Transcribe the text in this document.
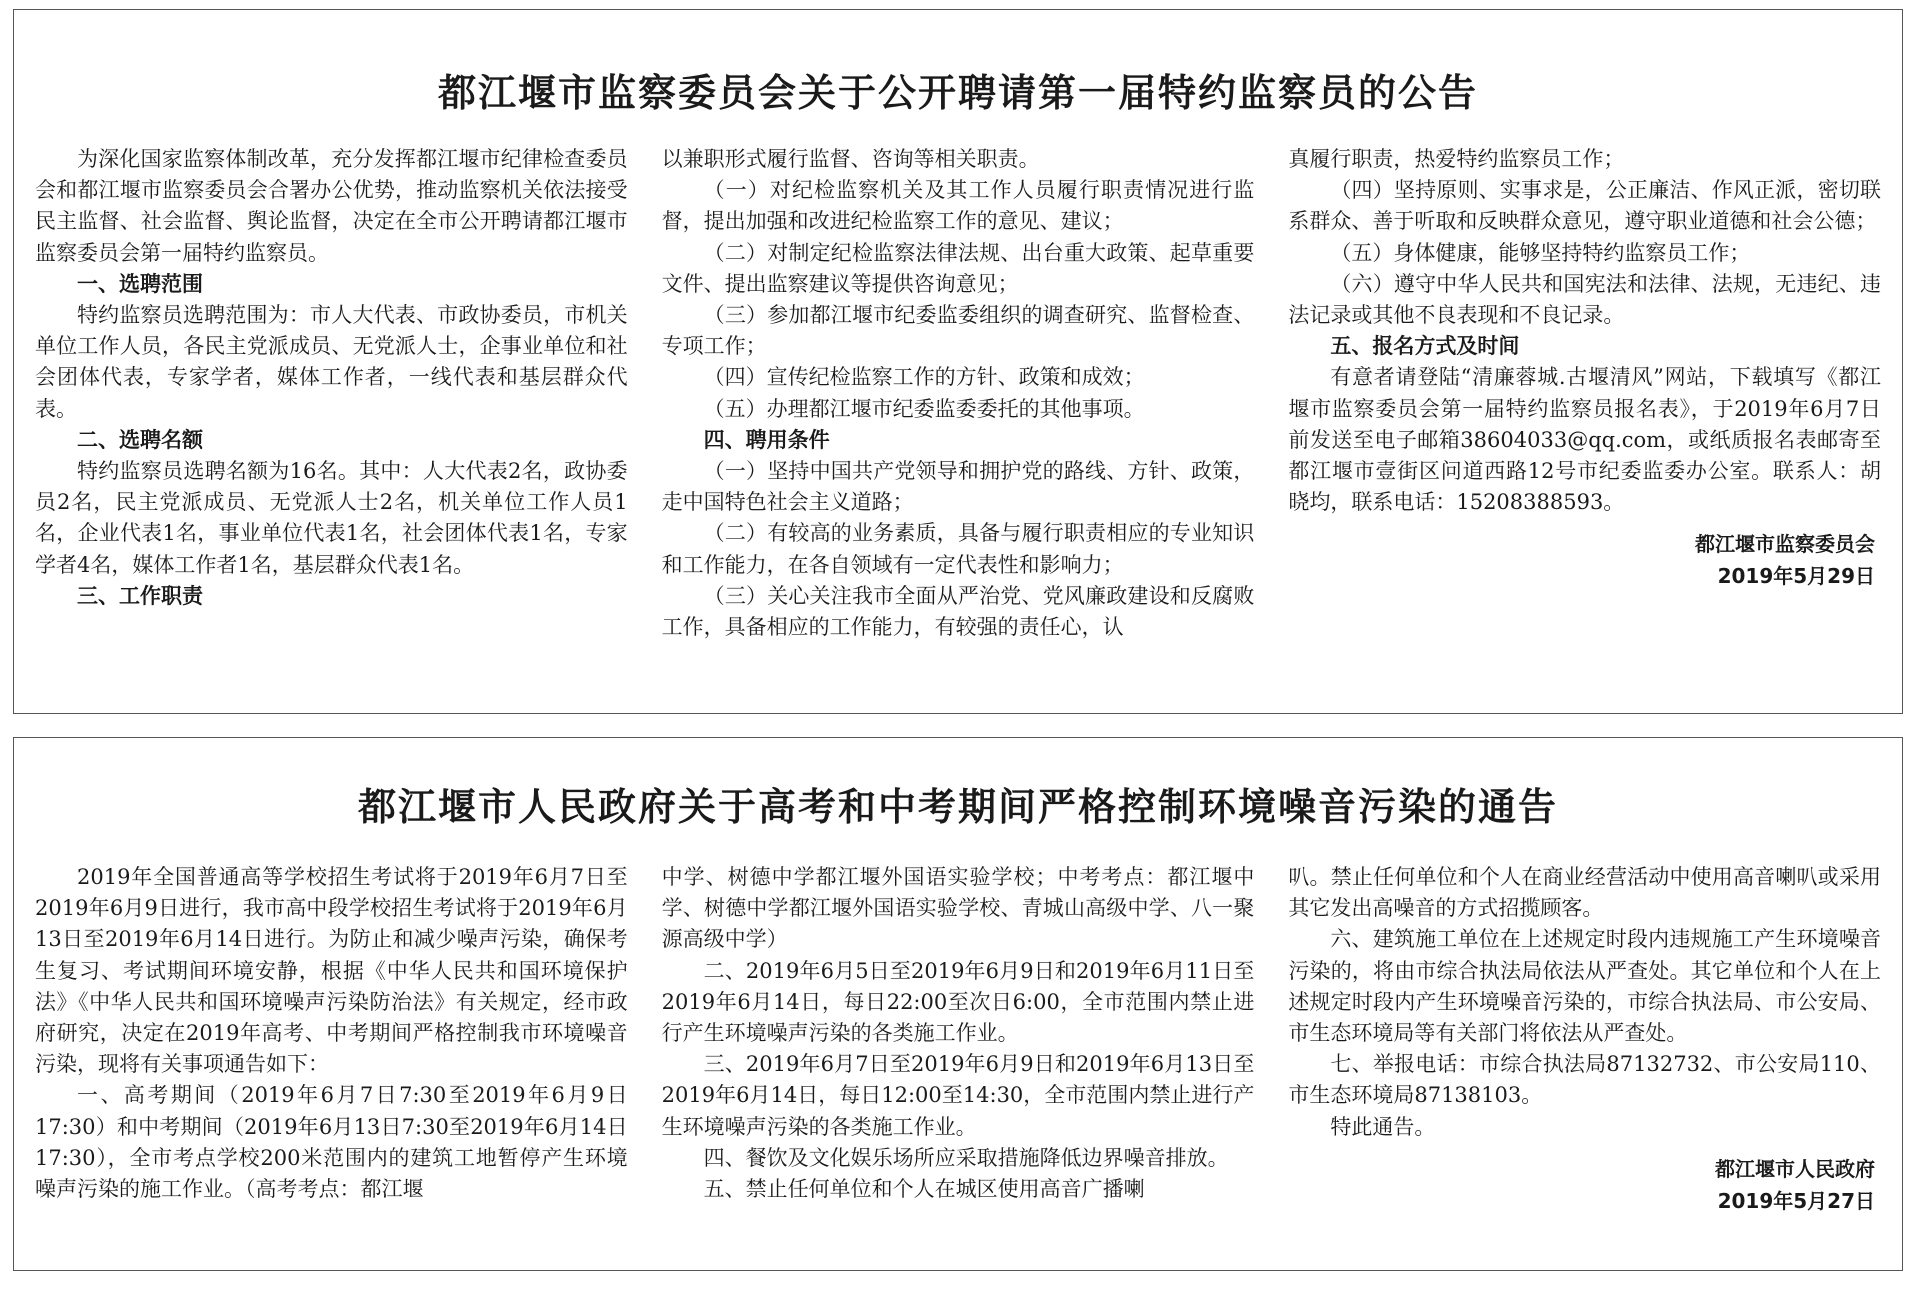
都江堰市监察委员会关于公开聘请第一届特约监察员的公告

为深化国家监察体制改革，充分发挥都江堰市纪律检查委员会和都江堰市监察委员会合署办公优势，推动监察机关依法接受民主监督、社会监督、舆论监督，决定在全市公开聘请都江堰市监察委员会第一届特约监察员。

一、选聘范围

特约监察员选聘范围为：市人大代表、市政协委员，市机关单位工作人员，各民主党派成员、无党派人士，企事业单位和社会团体代表，专家学者，媒体工作者，一线代表和基层群众代表。

二、选聘名额

特约监察员选聘名额为16名。其中：人大代表2名，政协委员2名，民主党派成员、无党派人士2名，机关单位工作人员1名，企业代表1名，事业单位代表1名，社会团体代表1名，专家学者4名，媒体工作者1名，基层群众代表1名。

三、工作职责

以兼职形式履行监督、咨询等相关职责。

（一）对纪检监察机关及其工作人员履行职责情况进行监督，提出加强和改进纪检监察工作的意见、建议；

（二）对制定纪检监察法律法规、出台重大政策、起草重要文件、提出监察建议等提供咨询意见；

（三）参加都江堰市纪委监委组织的调查研究、监督检查、专项工作；

（四）宣传纪检监察工作的方针、政策和成效；

（五）办理都江堰市纪委监委委托的其他事项。

四、聘用条件

（一）坚持中国共产党领导和拥护党的路线、方针、政策，走中国特色社会主义道路；

（二）有较高的业务素质，具备与履行职责相应的专业知识和工作能力，在各自领域有一定代表性和影响力；

（三）关心关注我市全面从严治党、党风廉政建设和反腐败工作，具备相应的工作能力，有较强的责任心，认

真履行职责，热爱特约监察员工作；

（四）坚持原则、实事求是，公正廉洁、作风正派，密切联系群众、善于听取和反映群众意见，遵守职业道德和社会公德；

（五）身体健康，能够坚持特约监察员工作；

（六）遵守中华人民共和国宪法和法律、法规，无违纪、违法记录或其他不良表现和不良记录。

五、报名方式及时间

有意者请登陆“清廉蓉城.古堰清风”网站，下载填写《都江堰市监察委员会第一届特约监察员报名表》，于2019年6月7日前发送至电子邮箱38604033@qq.com，或纸质报名表邮寄至都江堰市壹街区问道西路12号市纪委监委办公室。联系人：胡晓均，联系电话：15208388593。

都江堰市监察委员会
2019年5月29日
都江堰市人民政府关于高考和中考期间严格控制环境噪音污染的通告

2019年全国普通高等学校招生考试将于2019年6月7日至2019年6月9日进行，我市高中段学校招生考试将于2019年6月13日至2019年6月14日进行。为防止和减少噪声污染，确保考生复习、考试期间环境安静，根据《中华人民共和国环境保护法》《中华人民共和国环境噪声污染防治法》有关规定，经市政府研究，决定在2019年高考、中考期间严格控制我市环境噪音污染，现将有关事项通告如下：

一、高考期间（2019年6月7日7:30至2019年6月9日17:30）和中考期间（2019年6月13日7:30至2019年6月14日17:30），全市考点学校200米范围内的建筑工地暂停产生环境噪声污染的施工作业。（高考考点：都江堰

中学、树德中学都江堰外国语实验学校；中考考点：都江堰中学、树德中学都江堰外国语实验学校、青城山高级中学、八一聚源高级中学）

二、2019年6月5日至2019年6月9日和2019年6月11日至2019年6月14日，每日22:00至次日6:00，全市范围内禁止进行产生环境噪声污染的各类施工作业。

三、2019年6月7日至2019年6月9日和2019年6月13日至2019年6月14日，每日12:00至14:30，全市范围内禁止进行产生环境噪声污染的各类施工作业。

四、餐饮及文化娱乐场所应采取措施降低边界噪音排放。

五、禁止任何单位和个人在城区使用高音广播喇

叭。禁止任何单位和个人在商业经营活动中使用高音喇叭或采用其它发出高噪音的方式招揽顾客。

六、建筑施工单位在上述规定时段内违规施工产生环境噪音污染的，将由市综合执法局依法从严查处。其它单位和个人在上述规定时段内产生环境噪音污染的，市综合执法局、市公安局、市生态环境局等有关部门将依法从严查处。

七、举报电话：市综合执法局87132732、市公安局110、市生态环境局87138103。

特此通告。

都江堰市人民政府
2019年5月27日
